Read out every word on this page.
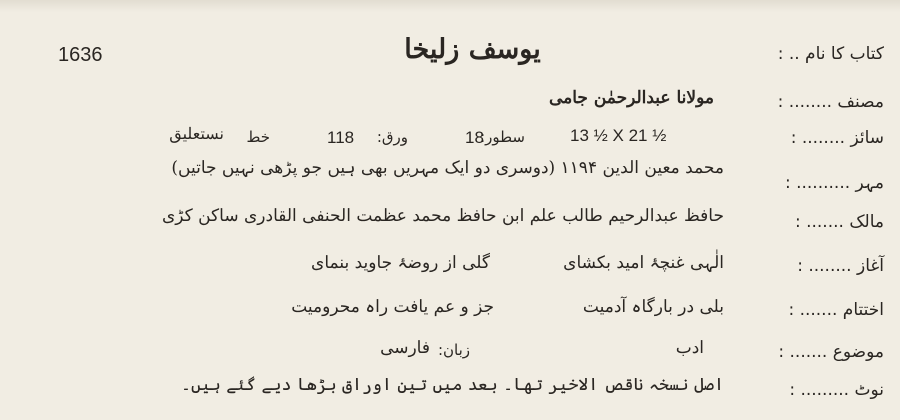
1636	کتاب کا نام .. :
یوسف زلیخا
مصنف ........ :
مولانا عبدالرحمٰن جامی
سائز ........ :
13 ½ X 21 ½
سطور:
18
ورق:
118
خط
نستعلیق
مہر .......... :
محمد معین الدین ۱۱۹۴ (دوسری دو ایک مہریں بھی ہیں جو پڑھی نہیں جاتیں)
مالک ....... :
حافظ عبدالرحیم طالب علم ابن حافظ محمد عظمت الحنفی القادری ساکن کڑی
آغاز ........ :
الٰہی غنچۂ امید بکشای
گلی از روضۂ جاوید بنمای
اختتام ....... :
بلی در بارگاہ آدمیت
جز و عم یافت راہ محرومیت
موضوع ....... :
ادب
زبان:
فارسی
نوٹ ......... :
اصل نسخہ ناقص الاخیر تھا۔ بعد میں تین اوراق بڑھا دیے گئے ہیں۔
